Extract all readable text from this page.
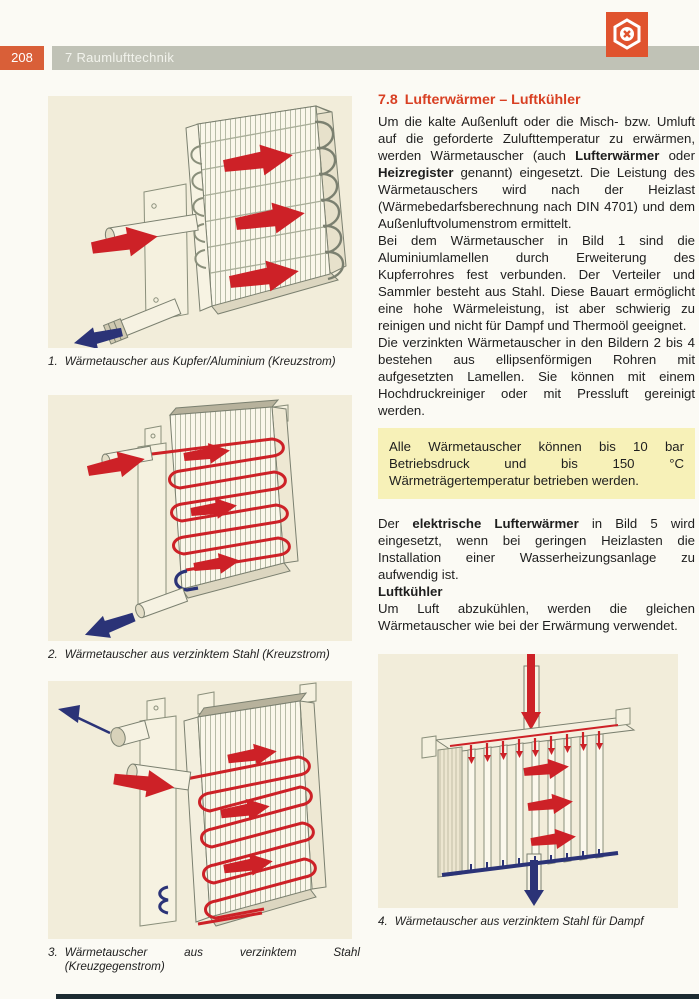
208	7 Raumlufttechnik
1. Wärmetauscher aus Kupfer/Aluminium (Kreuzstrom)
2. Wärmetauscher aus verzinktem Stahl (Kreuzstrom)
3. Wärmetauscher aus verzinktem Stahl (Kreuzgegenstrom)
7.8 Lufterwärmer – Luftkühler

Um die kalte Außenluft oder die Misch- bzw. Umluft auf die geforderte Zulufttemperatur zu erwärmen, werden Wärmetauscher (auch Lufterwärmer oder Heizregister genannt) eingesetzt. Die Leistung des Wärmetauschers wird nach der Heizlast (Wärmebedarfsberechnung nach DIN 4701) und dem Außenluftvolumenstrom ermittelt.

Bei dem Wärmetauscher in Bild 1 sind die Aluminiumlamellen durch Erweiterung des Kupferrohres fest verbunden. Der Verteiler und Sammler besteht aus Stahl. Diese Bauart ermöglicht eine hohe Wärmeleistung, ist aber schwierig zu reinigen und nicht für Dampf und Thermoöl geeignet.

Die verzinkten Wärmetauscher in den Bildern 2 bis 4 bestehen aus ellipsenförmigen Rohren mit aufgesetzten Lamellen. Sie können mit einem Hochdruckreiniger oder mit Pressluft gereinigt werden.

Alle Wärmetauscher können bis 10 bar Betriebsdruck und bis 150 °C Wärmeträgertemperatur betrieben werden.

Der elektrische Lufterwärmer in Bild 5 wird eingesetzt, wenn bei geringen Heizlasten die Installation einer Wasserheizungsanlage zu aufwendig ist.

Luftkühler

Um Luft abzukühlen, werden die gleichen Wärmetauscher wie bei der Erwärmung verwendet.

4. Wärmetauscher aus verzinktem Stahl für Dampf
